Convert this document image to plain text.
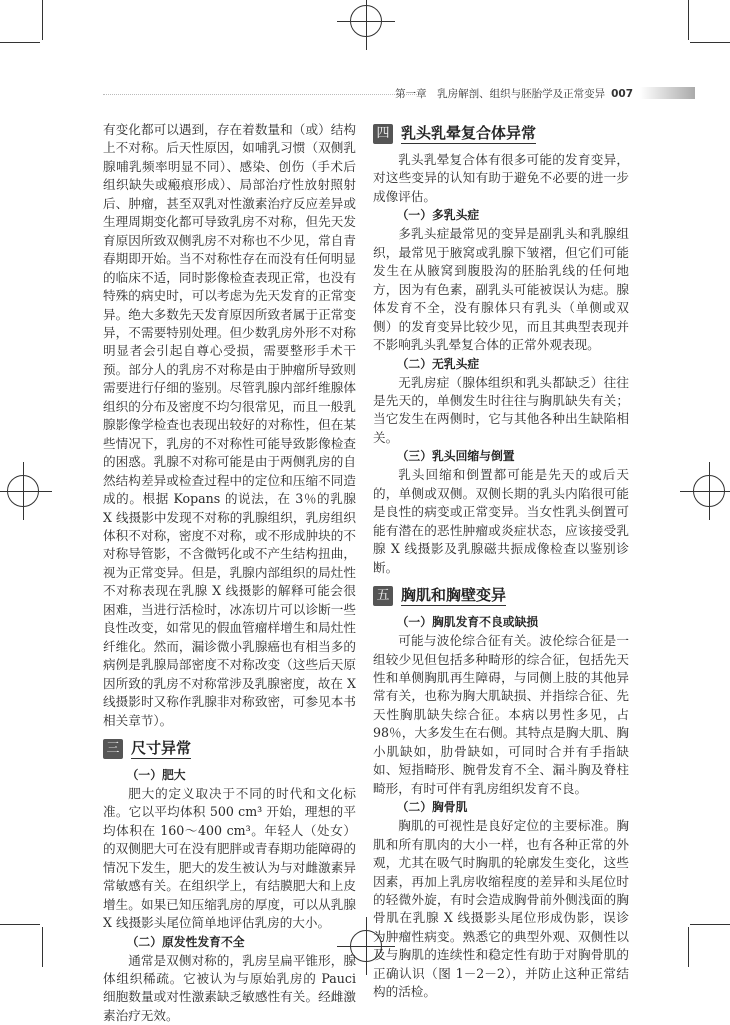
第一章　乳房解剖、组织与胚胎学及正常变异 007

有变化都可以遇到，存在着数量和（或）结构上不对称。后天性原因，如哺乳习惯（双侧乳腺哺乳频率明显不同）、感染、创伤（手术后组织缺失或瘢痕形成）、局部治疗性放射照射后、肿瘤，甚至双乳对性激素治疗反应差异或生理周期变化都可导致乳房不对称，但先天发育原因所致双侧乳房不对称也不少见，常自青春期即开始。当不对称性存在而没有任何明显的临床不适，同时影像检查表现正常，也没有特殊的病史时，可以考虑为先天发育的正常变异。绝大多数先天发育原因所致者属于正常变异，不需要特别处理。但少数乳房外形不对称明显者会引起自尊心受损，需要整形手术干预。部分人的乳房不对称是由于肿瘤所导致则需要进行仔细的鉴别。尽管乳腺内部纤维腺体组织的分布及密度不均匀很常见，而且一般乳腺影像学检查也表现出较好的对称性，但在某些情况下，乳房的不对称性可能导致影像检查的困惑。乳腺不对称可能是由于两侧乳房的自然结构差异或检查过程中的定位和压缩不同造成的。根据 Kopans 的说法，在 3％的乳腺 X 线摄影中发现不对称的乳腺组织，乳房组织体积不对称，密度不对称，或不形成肿块的不对称导管影，不含微钙化或不产生结构扭曲，视为正常变异。但是，乳腺内部组织的局灶性不对称表现在乳腺 X 线摄影的解释可能会很困难，当进行活检时，冰冻切片可以诊断一些良性改变，如常见的假血管瘤样增生和局灶性纤维化。然而，漏诊微小乳腺癌也有相当多的病例是乳腺局部密度不对称改变（这些后天原因所致的乳房不对称常涉及乳腺密度，故在 X 线摄影时又称作乳腺非对称致密，可参见本书相关章节）。

三 尺寸异常
（一）肥大

肥大的定义取决于不同的时代和文化标准。它以平均体积 500 cm³ 开始，理想的平均体积在 160～400 cm³。年轻人（处女）的双侧肥大可在没有肥胖或青春期功能障碍的情况下发生，肥大的发生被认为与对雌激素异常敏感有关。在组织学上，有结膜肥大和上皮增生。如果已知压缩乳房的厚度，可以从乳腺 X 线摄影头尾位简单地评估乳房的大小。

（二）原发性发育不全

通常是双侧对称的，乳房呈扁平锥形，腺体组织稀疏。它被认为与原始乳房的 Pauci 细胞数量或对性激素缺乏敏感性有关。经雌激素治疗无效。

四 乳头乳晕复合体异常

乳头乳晕复合体有很多可能的发育变异，对这些变异的认知有助于避免不必要的进一步成像评估。

（一）多乳头症

多乳头症最常见的变异是副乳头和乳腺组织，最常见于腋窝或乳腺下皱褶，但它们可能发生在从腋窝到腹股沟的胚胎乳线的任何地方，因为有色素，副乳头可能被误认为痣。腺体发育不全，没有腺体只有乳头（单侧或双侧）的发育变异比较少见，而且其典型表现并不影响乳头乳晕复合体的正常外观表现。

（二）无乳头症

无乳房症（腺体组织和乳头都缺乏）往往是先天的，单侧发生时往往与胸肌缺失有关；当它发生在两侧时，它与其他各种出生缺陷相关。

（三）乳头回缩与倒置

乳头回缩和倒置都可能是先天的或后天的，单侧或双侧。双侧长期的乳头内陷很可能是良性的病变或正常变异。当女性乳头倒置可能有潜在的恶性肿瘤或炎症状态，应该接受乳腺 X 线摄影及乳腺磁共振成像检查以鉴别诊断。

五 胸肌和胸壁变异
（一）胸肌发育不良或缺损

可能与波伦综合征有关。波伦综合征是一组较少见但包括多种畸形的综合征，包括先天性和单侧胸肌再生障碍，与同侧上肢的其他异常有关，也称为胸大肌缺损、并指综合征、先天性胸肌缺失综合征。本病以男性多见，占 98％，大多发生在右侧。其特点是胸大肌、胸小肌缺如，肋骨缺如，可同时合并有手指缺如、短指畸形、腕骨发育不全、漏斗胸及脊柱畸形，有时可伴有乳房组织发育不良。

（二）胸骨肌

胸肌的可视性是良好定位的主要标准。胸肌和所有肌肉的大小一样，也有各种正常的外观，尤其在吸气时胸肌的轮廓发生变化，这些因素，再加上乳房收缩程度的差异和头尾位时的轻微外旋，有时会造成胸骨前外侧浅面的胸骨肌在乳腺 X 线摄影头尾位形成伪影，误诊为肿瘤性病变。熟悉它的典型外观、双侧性以及与胸肌的连续性和稳定性有助于对胸骨肌的正确认识（图 1－2－2），并防止这种正常结构的活检。
